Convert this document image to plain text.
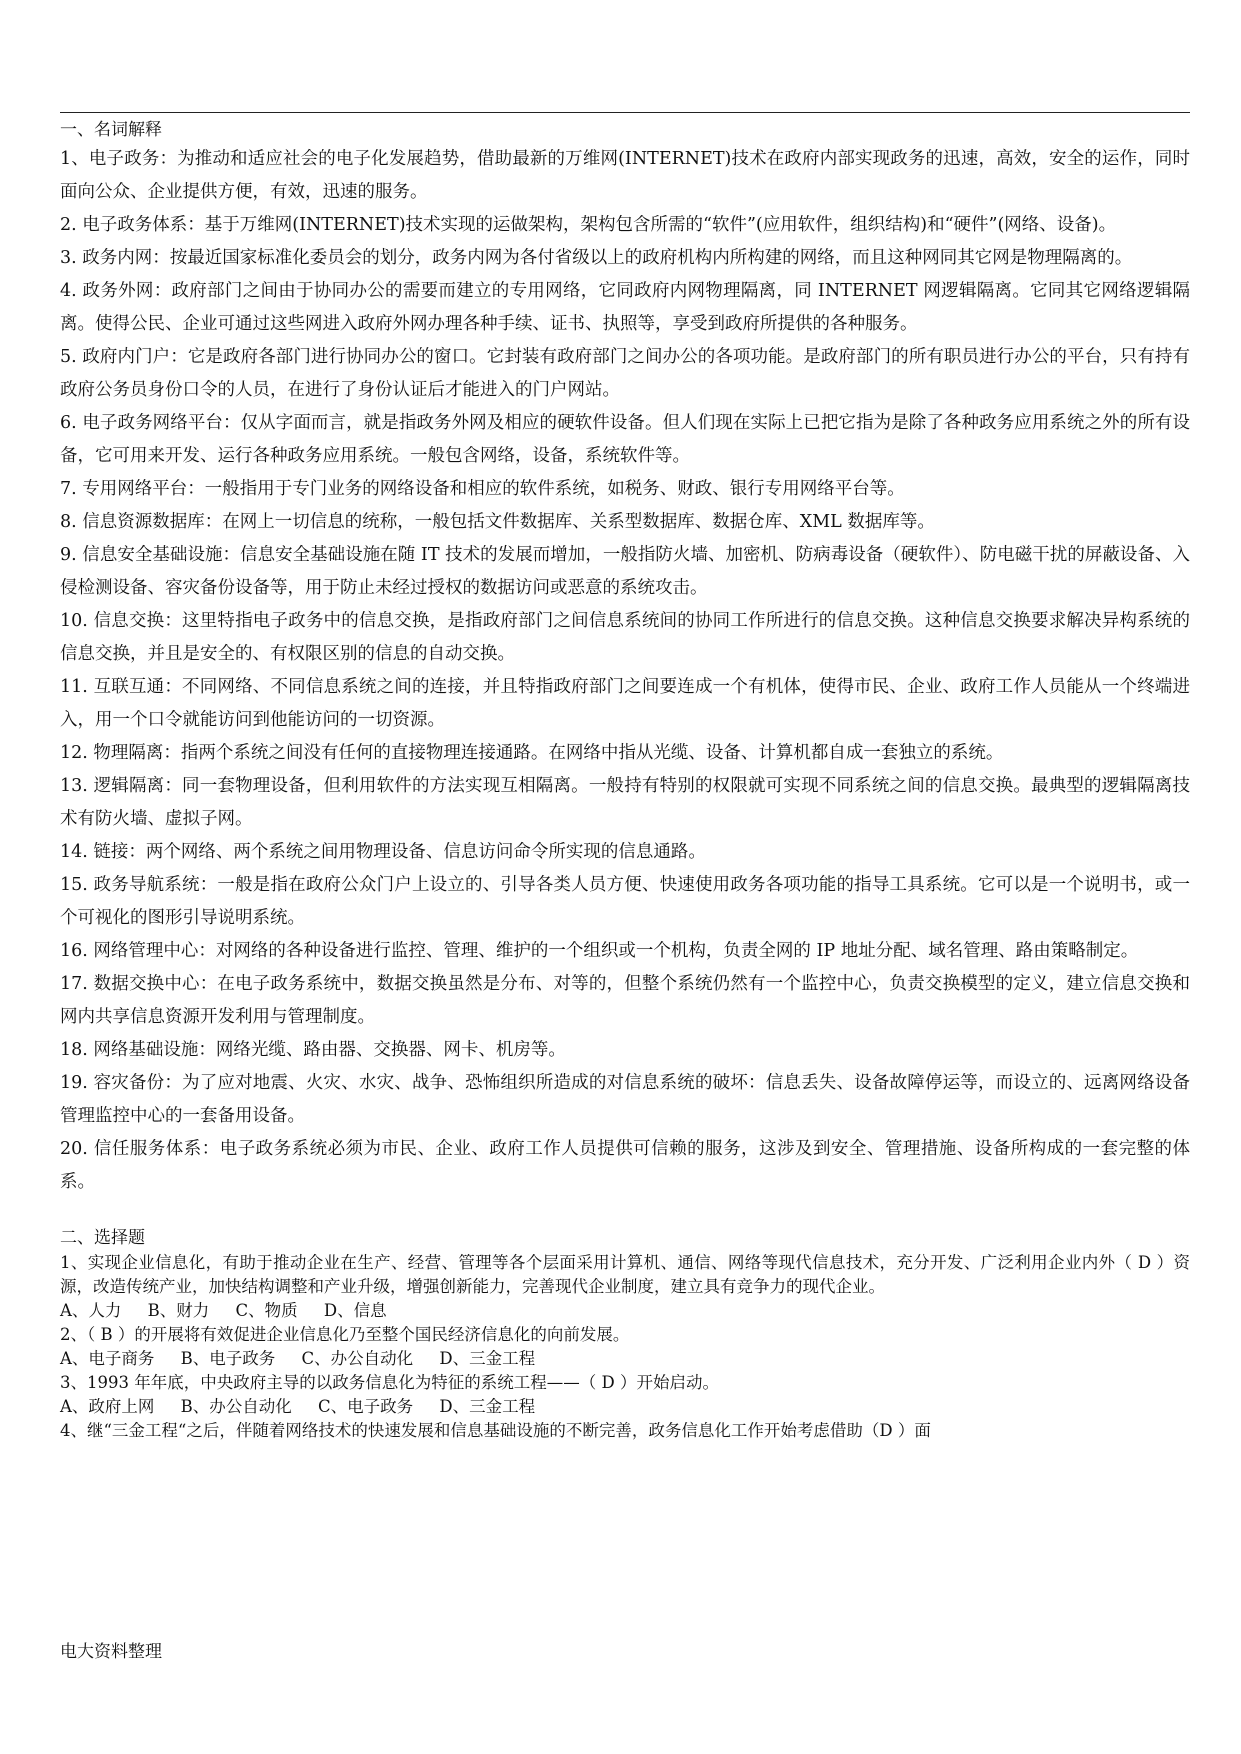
一、名词解释

1、电子政务：为推动和适应社会的电子化发展趋势，借助最新的万维网(INTERNET)技术在政府内部实现政务的迅速，高效，安全的运作，同时面向公众、企业提供方便，有效，迅速的服务。

2. 电子政务体系：基于万维网(INTERNET)技术实现的运做架构，架构包含所需的“软件”(应用软件，组织结构)和“硬件”(网络、设备)。

3. 政务内网：按最近国家标准化委员会的划分，政务内网为各付省级以上的政府机构内所构建的网络，而且这种网同其它网是物理隔离的。

4. 政务外网：政府部门之间由于协同办公的需要而建立的专用网络，它同政府内网物理隔离，同 INTERNET 网逻辑隔离。它同其它网络逻辑隔离。使得公民、企业可通过这些网进入政府外网办理各种手续、证书、执照等，享受到政府所提供的各种服务。

5. 政府内门户：它是政府各部门进行协同办公的窗口。它封装有政府部门之间办公的各项功能。是政府部门的所有职员进行办公的平台，只有持有政府公务员身份口令的人员，在进行了身份认证后才能进入的门户网站。

6. 电子政务网络平台：仅从字面而言，就是指政务外网及相应的硬软件设备。但人们现在实际上已把它指为是除了各种政务应用系统之外的所有设备，它可用来开发、运行各种政务应用系统。一般包含网络，设备，系统软件等。

7. 专用网络平台：一般指用于专门业务的网络设备和相应的软件系统，如税务、财政、银行专用网络平台等。

8. 信息资源数据库：在网上一切信息的统称，一般包括文件数据库、关系型数据库、数据仓库、XML 数据库等。

9. 信息安全基础设施：信息安全基础设施在随 IT 技术的发展而增加，一般指防火墙、加密机、防病毒设备（硬软件）、防电磁干扰的屏蔽设备、入侵检测设备、容灾备份设备等，用于防止未经过授权的数据访问或恶意的系统攻击。

10. 信息交换：这里特指电子政务中的信息交换，是指政府部门之间信息系统间的协同工作所进行的信息交换。这种信息交换要求解决异构系统的信息交换，并且是安全的、有权限区别的信息的自动交换。

11. 互联互通：不同网络、不同信息系统之间的连接，并且特指政府部门之间要连成一个有机体，使得市民、企业、政府工作人员能从一个终端进入，用一个口令就能访问到他能访问的一切资源。

12. 物理隔离：指两个系统之间没有任何的直接物理连接通路。在网络中指从光缆、设备、计算机都自成一套独立的系统。

13. 逻辑隔离：同一套物理设备，但利用软件的方法实现互相隔离。一般持有特别的权限就可实现不同系统之间的信息交换。最典型的逻辑隔离技术有防火墙、虚拟子网。

14. 链接：两个网络、两个系统之间用物理设备、信息访问命令所实现的信息通路。

15. 政务导航系统：一般是指在政府公众门户上设立的、引导各类人员方便、快速使用政务各项功能的指导工具系统。它可以是一个说明书，或一个可视化的图形引导说明系统。

16. 网络管理中心：对网络的各种设备进行监控、管理、维护的一个组织或一个机构，负责全网的 IP 地址分配、域名管理、路由策略制定。

17. 数据交换中心：在电子政务系统中，数据交换虽然是分布、对等的，但整个系统仍然有一个监控中心，负责交换模型的定义，建立信息交换和网内共享信息资源开发利用与管理制度。

18. 网络基础设施：网络光缆、路由器、交换器、网卡、机房等。

19. 容灾备份：为了应对地震、火灾、水灾、战争、恐怖组织所造成的对信息系统的破坏：信息丢失、设备故障停运等，而设立的、远离网络设备管理监控中心的一套备用设备。

20. 信任服务体系：电子政务系统必须为市民、企业、政府工作人员提供可信赖的服务，这涉及到安全、管理措施、设备所构成的一套完整的体系。

二、选择题

1、实现企业信息化，有助于推动企业在生产、经营、管理等各个层面采用计算机、通信、网络等现代信息技术，充分开发、广泛利用企业内外（ D ）资源，改造传统产业，加快结构调整和产业升级，增强创新能力，完善现代企业制度，建立具有竞争力的现代企业。

A、人力     B、财力     C、物质     D、信息

2、（ B ）的开展将有效促进企业信息化乃至整个国民经济信息化的向前发展。

A、电子商务     B、电子政务     C、办公自动化     D、三金工程

3、1993 年年底，中央政府主导的以政务信息化为特征的系统工程——（ D ）开始启动。

A、政府上网     B、办公自动化     C、电子政务     D、三金工程

4、继“三金工程“之后，伴随着网络技术的快速发展和信息基础设施的不断完善，政务信息化工作开始考虑借助（D ）面

电大资料整理
